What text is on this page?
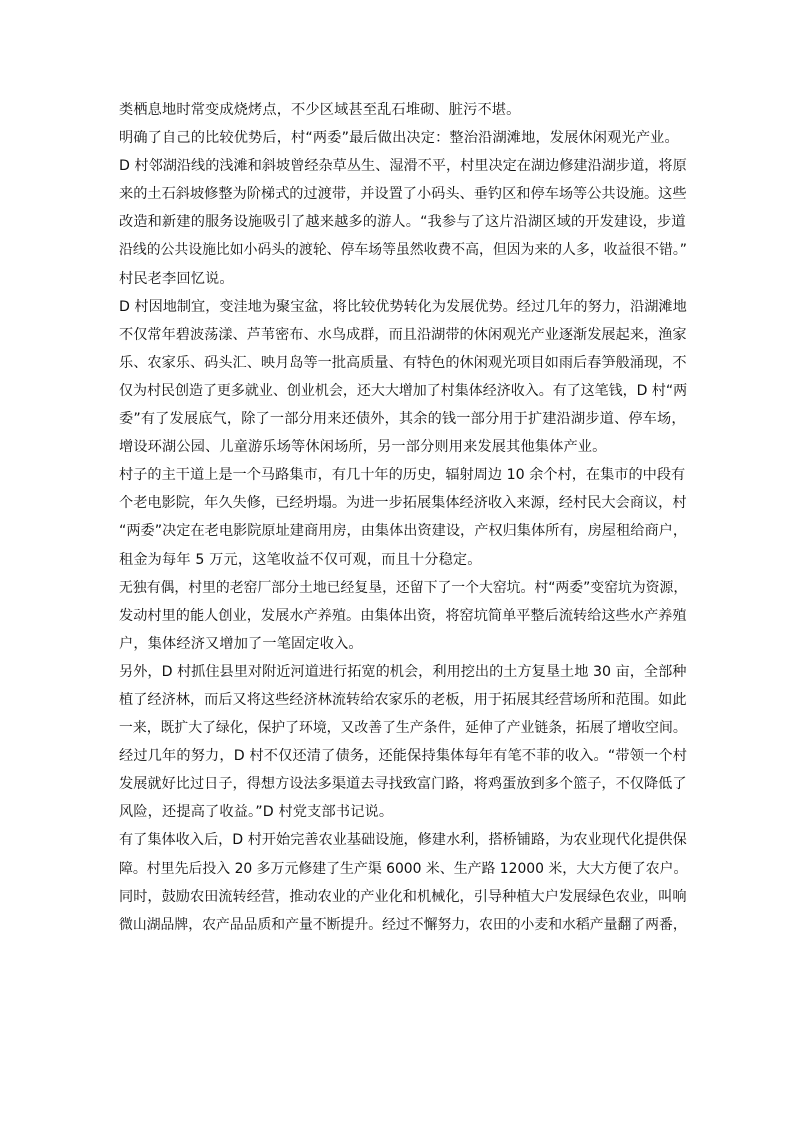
类栖息地时常变成烧烤点，不少区域甚至乱石堆砌、脏污不堪。
明确了自己的比较优势后，村“两委”最后做出决定：整治沿湖滩地，发展休闲观光产业。
D 村邻湖沿线的浅滩和斜坡曾经杂草丛生、湿滑不平，村里决定在湖边修建沿湖步道，将原
来的土石斜坡修整为阶梯式的过渡带，并设置了小码头、垂钓区和停车场等公共设施。这些
改造和新建的服务设施吸引了越来越多的游人。“我参与了这片沿湖区域的开发建设，步道
沿线的公共设施比如小码头的渡轮、停车场等虽然收费不高，但因为来的人多，收益很不错。”
村民老李回忆说。
D 村因地制宜，变洼地为聚宝盆，将比较优势转化为发展优势。经过几年的努力，沿湖滩地
不仅常年碧波荡漾、芦苇密布、水鸟成群，而且沿湖带的休闲观光产业逐渐发展起来，渔家
乐、农家乐、码头汇、映月岛等一批高质量、有特色的休闲观光项目如雨后春笋般涌现，不
仅为村民创造了更多就业、创业机会，还大大增加了村集体经济收入。有了这笔钱，D 村“两
委”有了发展底气，除了一部分用来还债外，其余的钱一部分用于扩建沿湖步道、停车场，
增设环湖公园、儿童游乐场等休闲场所，另一部分则用来发展其他集体产业。
村子的主干道上是一个马路集市，有几十年的历史，辐射周边 10 余个村，在集市的中段有
个老电影院，年久失修，已经坍塌。为进一步拓展集体经济收入来源，经村民大会商议，村
“两委”决定在老电影院原址建商用房，由集体出资建设，产权归集体所有，房屋租给商户，
租金为每年 5 万元，这笔收益不仅可观，而且十分稳定。
无独有偶，村里的老窑厂部分土地已经复垦，还留下了一个大窑坑。村“两委”变窑坑为资源，
发动村里的能人创业，发展水产养殖。由集体出资，将窑坑简单平整后流转给这些水产养殖
户，集体经济又增加了一笔固定收入。
另外，D 村抓住县里对附近河道进行拓宽的机会，利用挖出的土方复垦土地 30 亩，全部种
植了经济林，而后又将这些经济林流转给农家乐的老板，用于拓展其经营场所和范围。如此
一来，既扩大了绿化，保护了环境，又改善了生产条件，延伸了产业链条，拓展了增收空间。
经过几年的努力，D 村不仅还清了债务，还能保持集体每年有笔不菲的收入。“带领一个村
发展就好比过日子，得想方设法多渠道去寻找致富门路，将鸡蛋放到多个篮子，不仅降低了
风险，还提高了收益。”D 村党支部书记说。
有了集体收入后，D 村开始完善农业基础设施，修建水利，搭桥铺路，为农业现代化提供保
障。村里先后投入 20 多万元修建了生产渠 6000 米、生产路 12000 米，大大方便了农户。
同时，鼓励农田流转经营，推动农业的产业化和机械化，引导种植大户发展绿色农业，叫响
微山湖品牌，农产品品质和产量不断提升。经过不懈努力，农田的小麦和水稻产量翻了两番，
